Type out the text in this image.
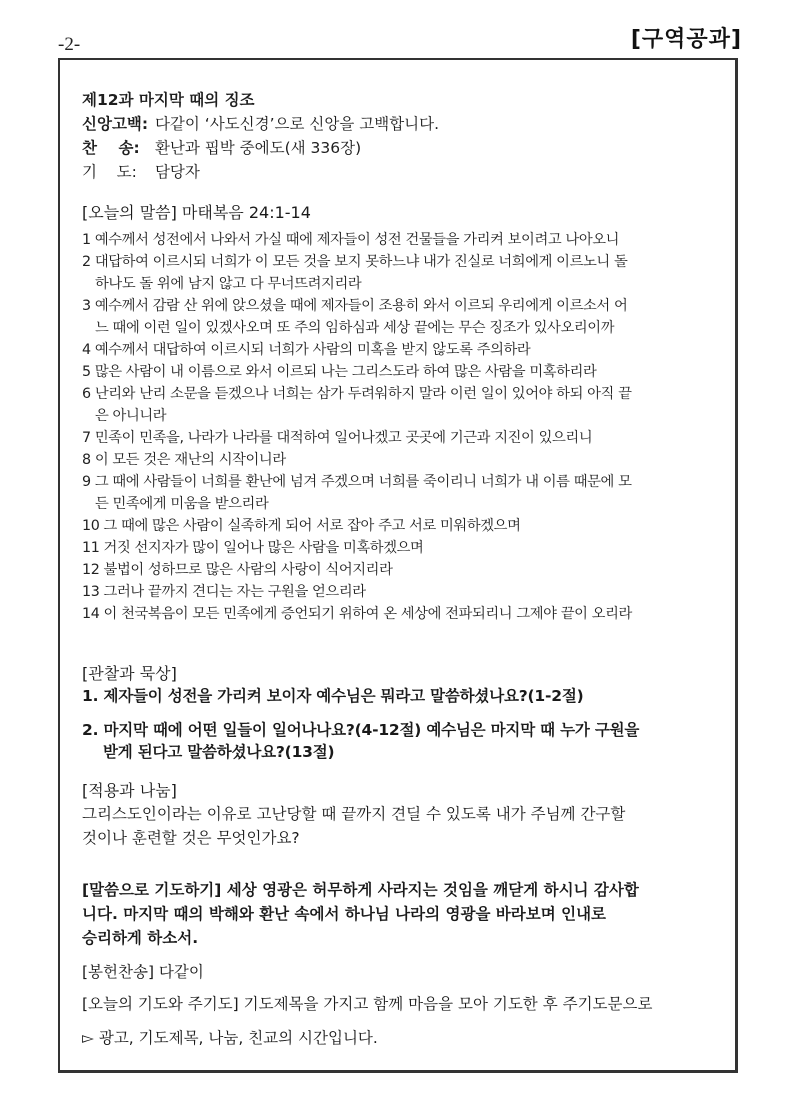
-2-	[구역공과]
제12과 마지막 때의 징조
신앙고백: 다같이 ‘사도신경’으로 신앙을 고백합니다.
찬    송: 환난과 핍박 중에도(새 336장)
기    도: 담당자
[오늘의 말씀] 마태복음 24:1-14
1 예수께서 성전에서 나와서 가실 때에 제자들이 성전 건물들을 가리켜 보이려고 나아오니
2 대답하여 이르시되 너희가 이 모든 것을 보지 못하느냐 내가 진실로 너희에게 이르노니 돌
하나도 돌 위에 남지 않고 다 무너뜨려지리라
3 예수께서 감람 산 위에 앉으셨을 때에 제자들이 조용히 와서 이르되 우리에게 이르소서 어
느 때에 이런 일이 있겠사오며 또 주의 임하심과 세상 끝에는 무슨 징조가 있사오리이까
4 예수께서 대답하여 이르시되 너희가 사람의 미혹을 받지 않도록 주의하라
5 많은 사람이 내 이름으로 와서 이르되 나는 그리스도라 하여 많은 사람을 미혹하리라
6 난리와 난리 소문을 듣겠으나 너희는 삼가 두려워하지 말라 이런 일이 있어야 하되 아직 끝
은 아니니라
7 민족이 민족을, 나라가 나라를 대적하여 일어나겠고 곳곳에 기근과 지진이 있으리니
8 이 모든 것은 재난의 시작이니라
9 그 때에 사람들이 너희를 환난에 넘겨 주겠으며 너희를 죽이리니 너희가 내 이름 때문에 모
든 민족에게 미움을 받으리라
10 그 때에 많은 사람이 실족하게 되어 서로 잡아 주고 서로 미워하겠으며
11 거짓 선지자가 많이 일어나 많은 사람을 미혹하겠으며
12 불법이 성하므로 많은 사람의 사랑이 식어지리라
13 그러나 끝까지 견디는 자는 구원을 얻으리라
14 이 천국복음이 모든 민족에게 증언되기 위하여 온 세상에 전파되리니 그제야 끝이 오리라
[관찰과 묵상]
1. 제자들이 성전을 가리켜 보이자 예수님은 뭐라고 말씀하셨나요?(1-2절)
2. 마지막 때에 어떤 일들이 일어나나요?(4-12절) 예수님은 마지막 때 누가 구원을
받게 된다고 말씀하셨나요?(13절)
[적용과 나눔]
그리스도인이라는 이유로 고난당할 때 끝까지 견딜 수 있도록 내가 주님께 간구할
것이나 훈련할 것은 무엇인가요?
[말씀으로 기도하기] 세상 영광은 허무하게 사라지는 것임을 깨닫게 하시니 감사합
니다. 마지막 때의 박해와 환난 속에서 하나님 나라의 영광을 바라보며 인내로
승리하게 하소서.
[봉헌찬송] 다같이
[오늘의 기도와 주기도] 기도제목을 가지고 함께 마음을 모아 기도한 후 주기도문으로
▻ 광고, 기도제목, 나눔, 친교의 시간입니다.
